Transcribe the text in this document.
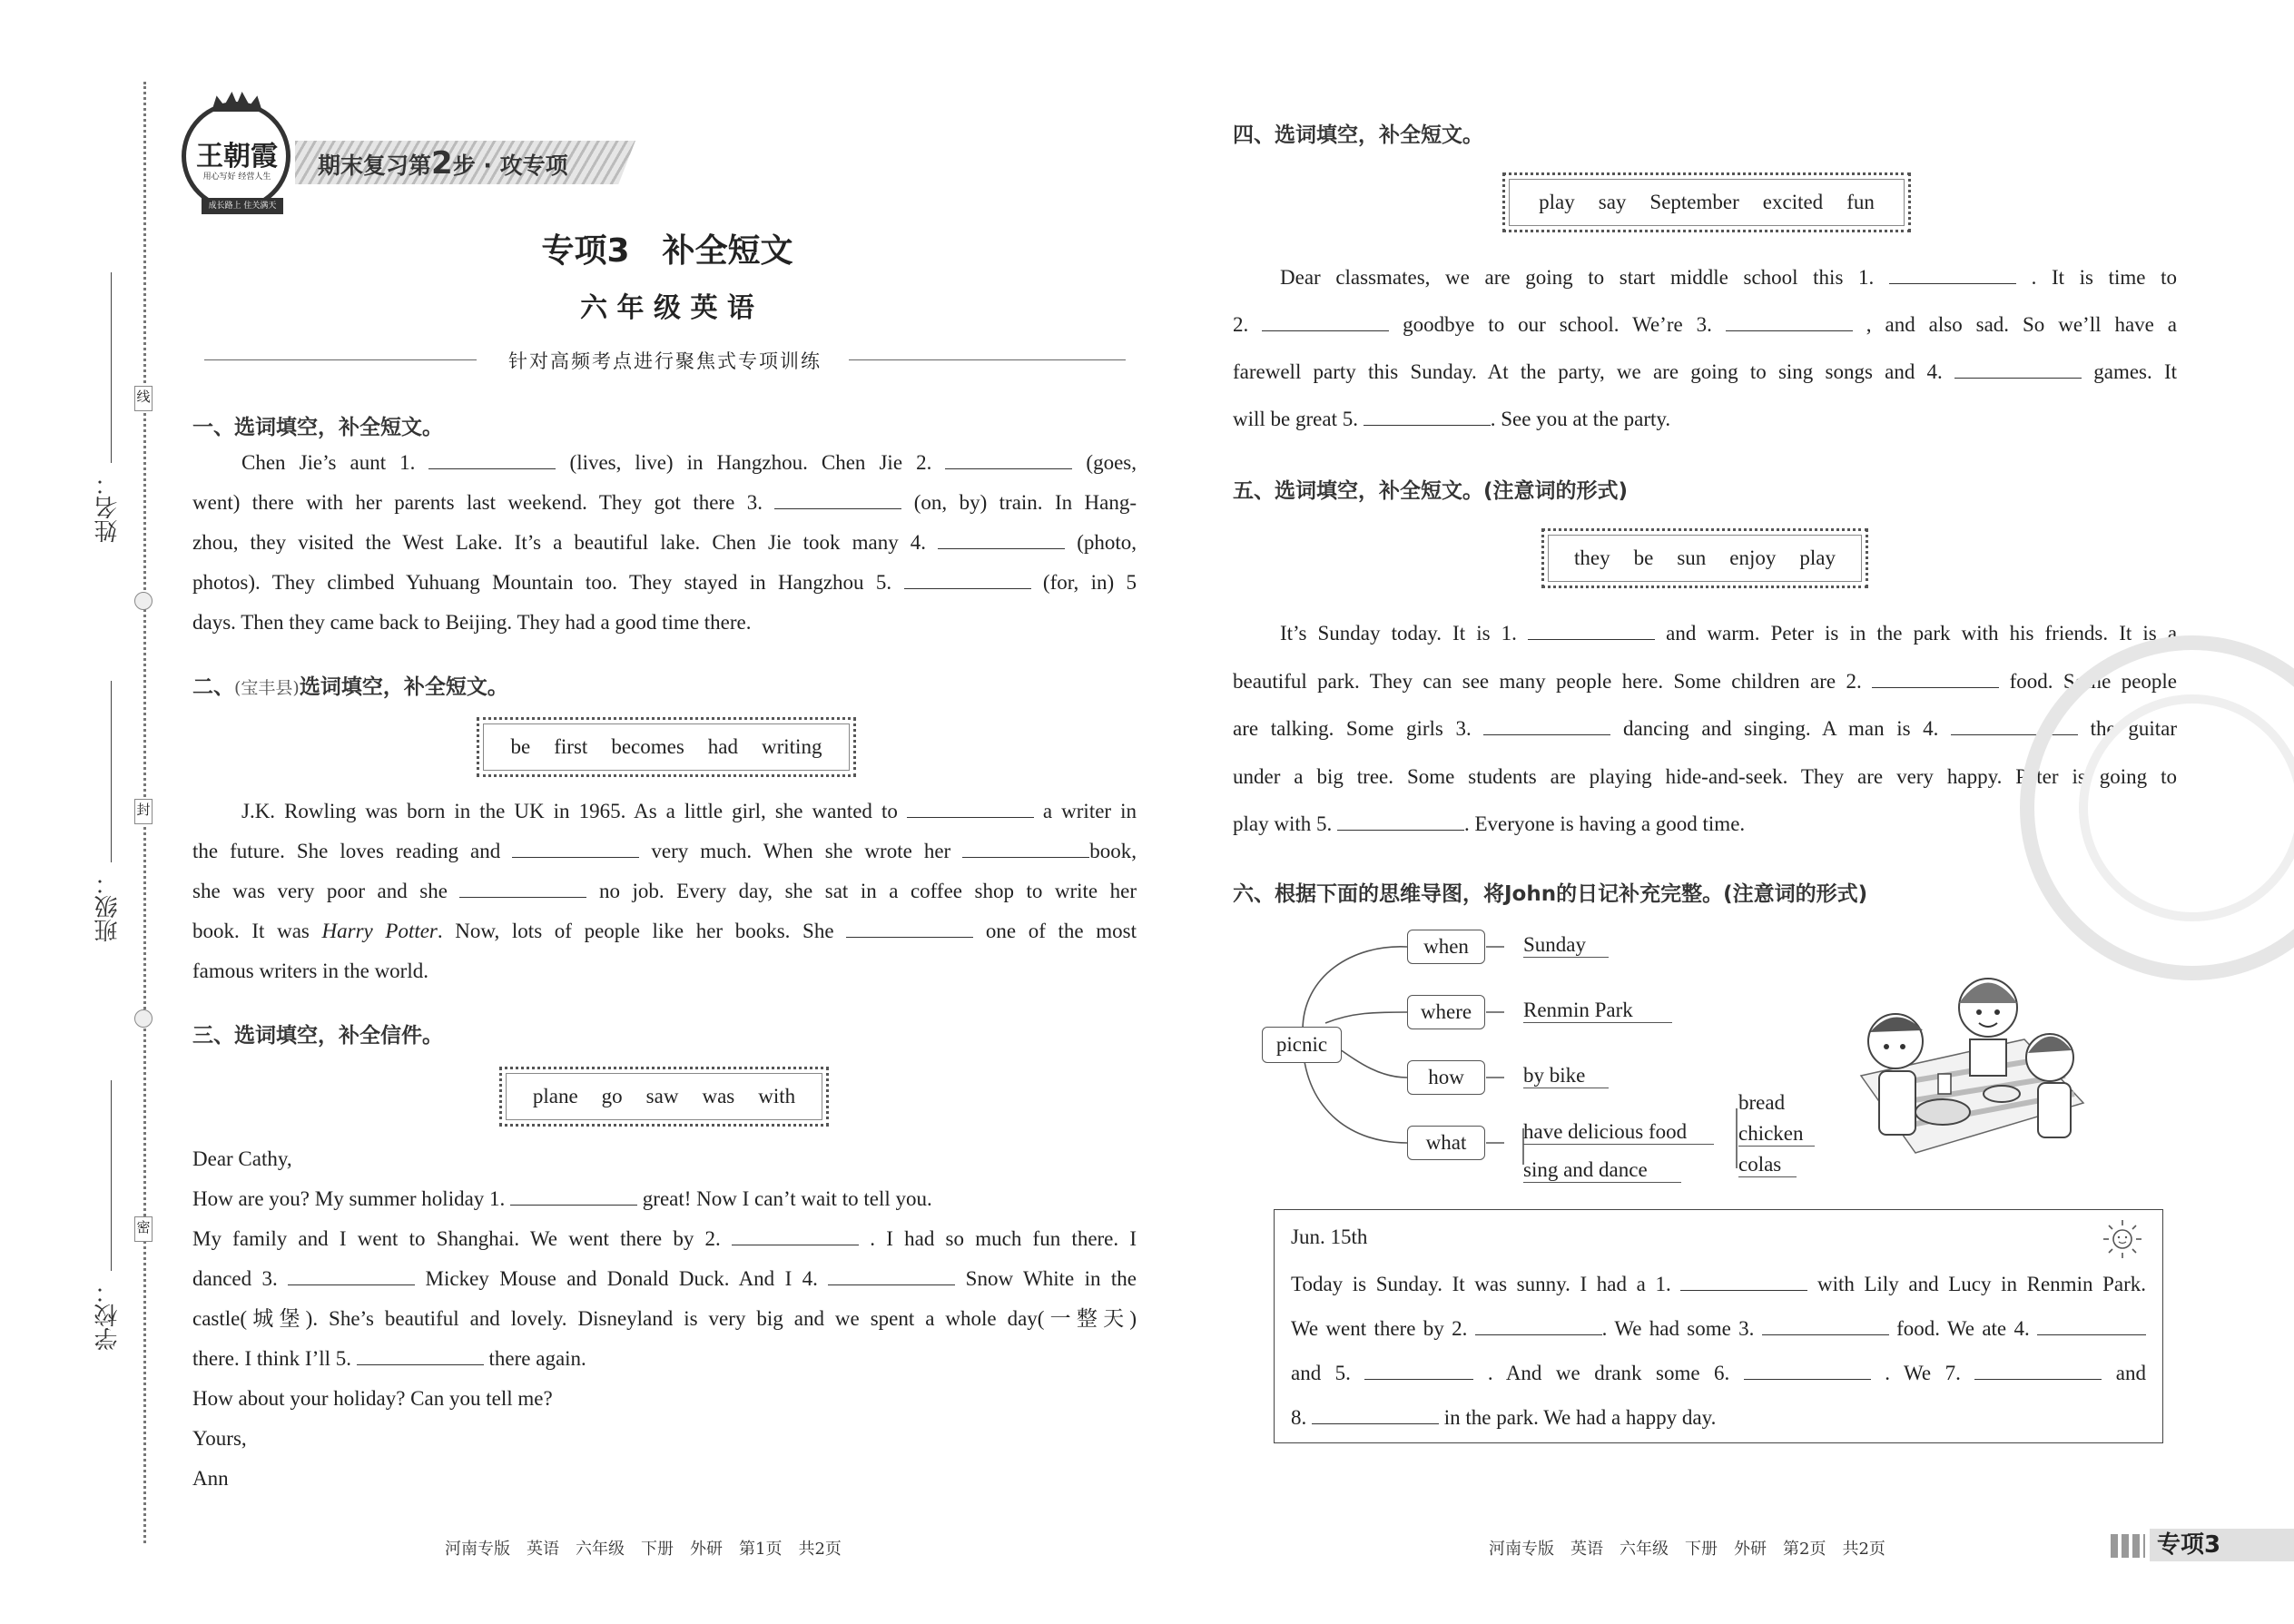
线
封
密
姓名：
班级：
学校：
王朝霞
用心写好 经营人生
成长路上 住关满天
期末复习第2步 · 攻专项
专项3　补全短文
六 年 级 英 语
针对高频考点进行聚焦式专项训练
一、选词填空，补全短文。
Chen Jie’s aunt 1.	(lives, live) in Hangzhou. Chen Jie 2.	(goes,
went) there with her parents last weekend. They got there 3.	(on, by) train. In Hang-
zhou, they visited the West Lake. It’s a beautiful lake. Chen Jie took many 4.	(photo,
photos). They climbed Yuhuang Mountain too. They stayed in Hangzhou 5.	(for, in) 5
days. Then they came back to Beijing. They had a good time there.
二、(宝丰县)选词填空，补全短文。
be first becomes had writing
J.K. Rowling was born in the UK in 1965. As a little girl, she wanted to	a writer in
the future. She loves reading and	very much. When she wrote her	book,
she was very poor and she	no job. Every day, she sat in a coffee shop to write her
book. It was Harry Potter. Now, lots of people like her books. She	one of the most
famous writers in the world.
三、选词填空，补全信件。
plane go saw was with
Dear Cathy,
How are you? My summer holiday 1.	great! Now I can’t wait to tell you.
My family and I went to Shanghai. We went there by 2.	. I had so much fun there. I
danced 3.	Mickey Mouse and Donald Duck. And I 4.	Snow White in the
castle(城堡). She’s beautiful and lovely. Disneyland is very big and we spent a whole day(一整天)
there. I think I’ll 5.	there again.
How about your holiday? Can you tell me?
Yours,
Ann
四、选词填空，补全短文。
play say September excited fun
Dear classmates, we are going to start middle school this 1.	. It is time to
2.	goodbye to our school. We’re 3.	, and also sad. So we’ll have a
farewell party this Sunday. At the party, we are going to sing songs and 4.	games. It
will be great 5.	. See you at the party.
五、选词填空，补全短文。(注意词的形式)
they be sun enjoy play
It’s Sunday today. It is 1.	and warm. Peter is in the park with his friends. It is a
beautiful park. They can see many people here. Some children are 2.	food. Some people
are talking. Some girls 3.	dancing and singing. A man is 4.	the guitar
under a big tree. Some students are playing hide-and-seek. They are very happy. Peter is going to
play with 5.	. Everyone is having a good time.
六、根据下面的思维导图，将John的日记补充完整。(注意词的形式)
picnic
when
where
how
what
Sunday
Renmin Park
by bike
have delicious food
sing and dance
bread
chicken
colas
Jun. 15th
Today is Sunday. It was sunny. I had a 1.	with Lily and Lucy in Renmin Park.
We went there by 2.	. We had some 3.	food. We ate 4.
and 5.	. And we drank some 6.	. We 7.	and
8.	in the park. We had a happy day.
河南专版　英语　六年级　下册　外研　第1页　共2页	河南专版　英语　六年级　下册　外研　第2页　共2页	专项3
